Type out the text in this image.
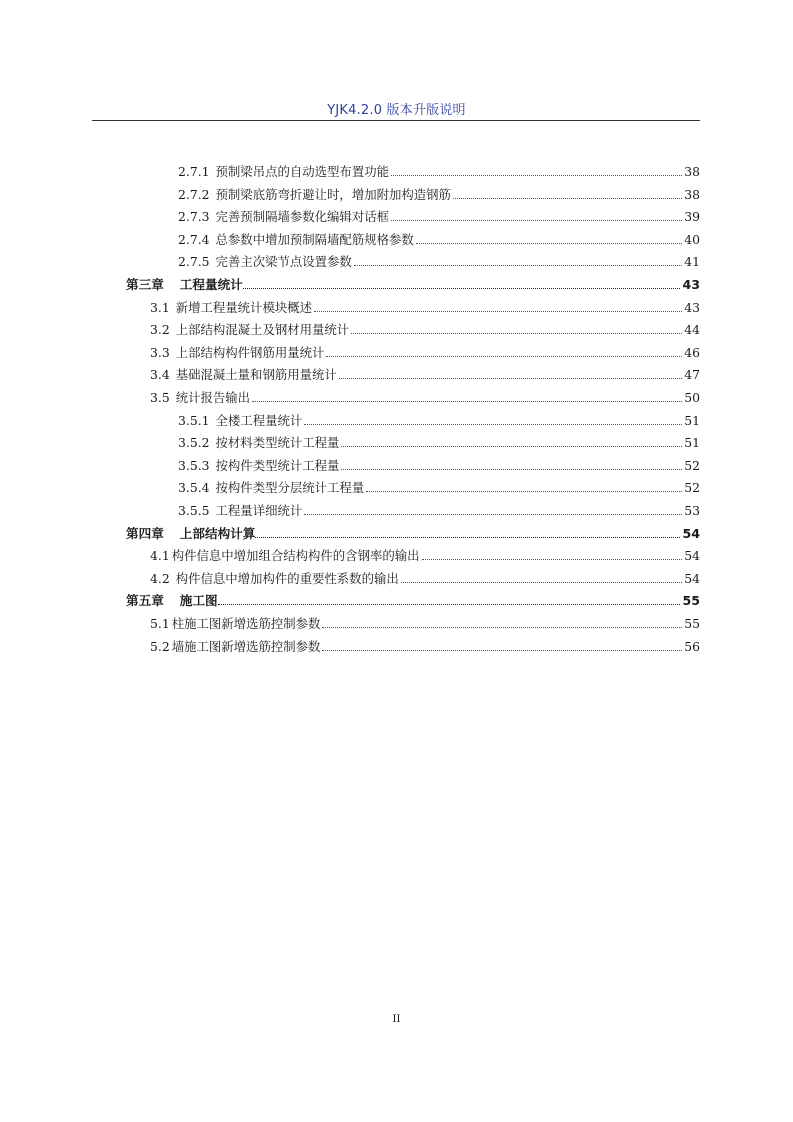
YJK4.2.0 版本升版说明
2.7.1 预制梁吊点的自动选型布置功能	38
2.7.2 预制梁底筋弯折避让时，增加附加构造钢筋	38
2.7.3 完善预制隔墙参数化编辑对话框	39
2.7.4 总参数中增加预制隔墙配筋规格参数	40
2.7.5 完善主次梁节点设置参数	41
第三章	工程量统计	43
3.1 新增工程量统计模块概述	43
3.2 上部结构混凝土及钢材用量统计	44
3.3 上部结构构件钢筋用量统计	46
3.4 基础混凝土量和钢筋用量统计	47
3.5 统计报告输出	50
3.5.1 全楼工程量统计	51
3.5.2 按材料类型统计工程量	51
3.5.3 按构件类型统计工程量	52
3.5.4 按构件类型分层统计工程量	52
3.5.5 工程量详细统计	53
第四章	上部结构计算	54
4.1 构件信息中增加组合结构构件的含钢率的输出	54
4.2 构件信息中增加构件的重要性系数的输出	54
第五章	施工图	55
5.1 柱施工图新增选筋控制参数	55
5.2 墙施工图新增选筋控制参数	56
II
